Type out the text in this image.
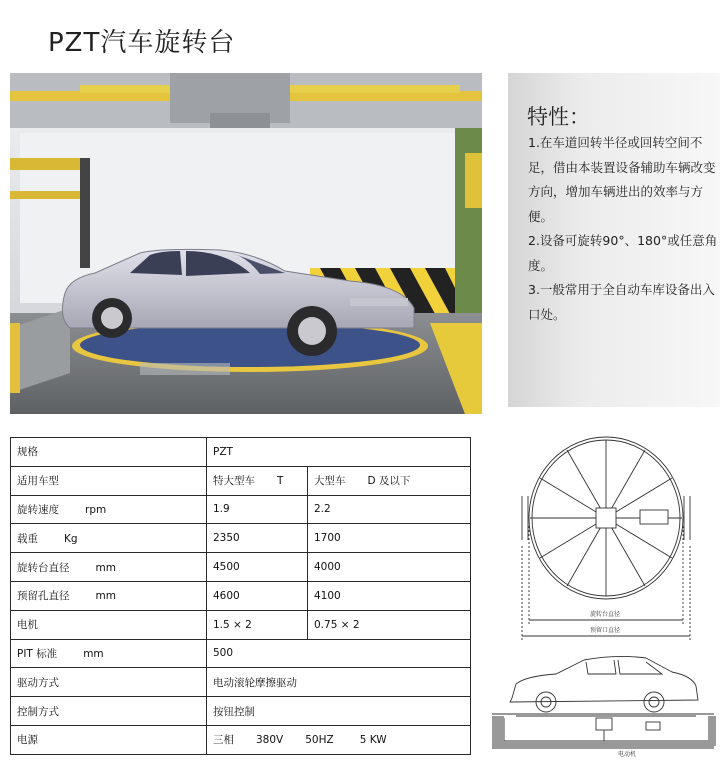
PZT汽车旋转台
特性：
1.在车道回转半径或回转空间不足，借由本装置设备辅助车辆改变方向，增加车辆进出的效率与方便。
2.设备可旋转90°、180°或任意角度。
3.一般常用于全自动车库设备出入口处。
规格	PZT	
适用车型	特大型车 T	大型车 D 及以下
旋转速度 rpm	1.9	2.2
载重 Kg	2350	1700
旋转台直径 mm	4500	4000
预留孔直径 mm	4600	4100
电机	1.5 × 2	0.75 × 2
PIT 标准 mm	500	
驱动方式	电动滚轮摩擦驱动	
控制方式	按钮控制	
电源	三相 380V 50HZ 5 KW	
旋转台直径
预留口直径
电动机
